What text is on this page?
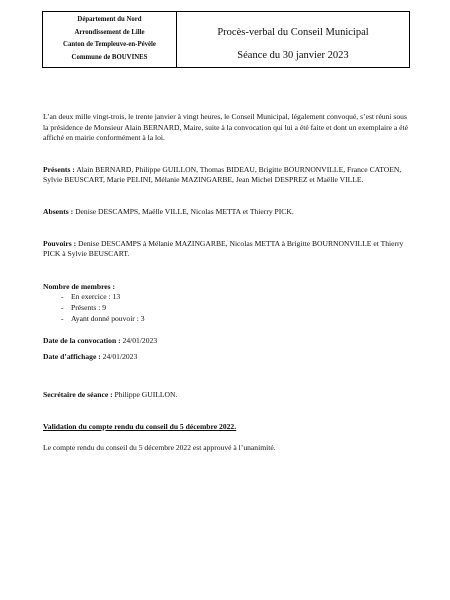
Département du Nord
Arrondissement de Lille
Canton de Templeuve-en-Pévèle
Commune de BOUVINES
Procès-verbal du Conseil Municipal
Séance du 30 janvier 2023

L’an deux mille vingt-trois, le trente janvier à vingt heures, le Conseil Municipal, légalement convoqué, s’est réuni sous la présidence de Monsieur Alain BERNARD, Maire, suite à la convocation qui lui a été faite et dont un exemplaire a été affiché en mairie conformément à la loi.

Présents : Alain BERNARD, Philippe GUILLON, Thomas BIDEAU, Brigitte BOURNONVILLE, France CATOEN, Sylvie BEUSCART, Marie PELINI, Mélanie MAZINGARBE, Jean Michel DESPREZ et Maëlle VILLE.

Absents : Denise DESCAMPS, Maëlle VILLE, Nicolas METTA et Thierry PICK.

Pouvoirs : Denise DESCAMPS à Mélanie MAZINGARBE, Nicolas METTA à Brigitte BOURNONVILLE et Thierry PICK à Sylvie BEUSCART.

Nombre de membres :

- En exercice : 13
- Présents : 9
- Ayant donné pouvoir : 3

Date de la convocation : 24/01/2023

Date d’affichage : 24/01/2023

Secrétaire de séance : Philippe GUILLON.

Validation du compte rendu du conseil du 5 décembre 2022.

Le compte rendu du conseil du 5 décembre 2022 est approuvé à l’unanimité.
